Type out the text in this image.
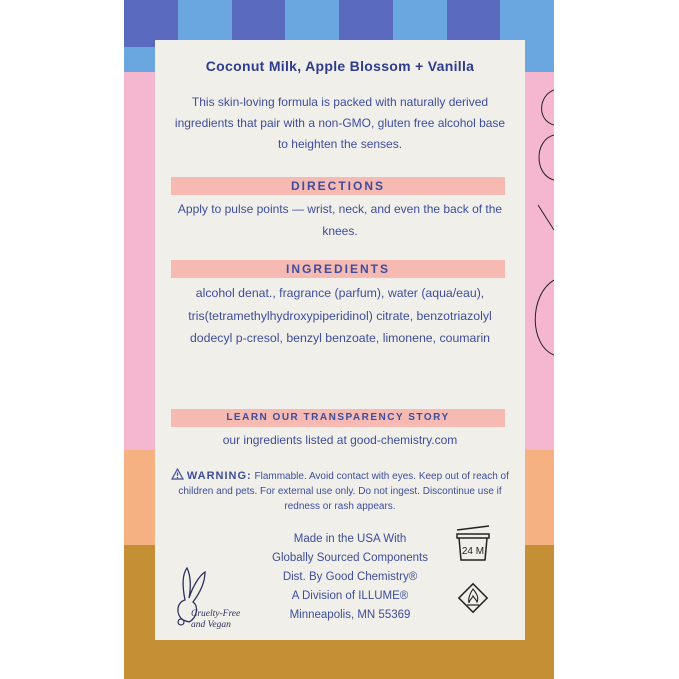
Coconut Milk, Apple Blossom + Vanilla
This skin-loving formula is packed with naturally derived ingredients that pair with a non-GMO, gluten free alcohol base to heighten the senses.
DIRECTIONS
Apply to pulse points — wrist, neck, and even the back of the knees.
INGREDIENTS
alcohol denat., fragrance (parfum), water (aqua/eau), tris(tetramethylhydroxypiperidinol) citrate, benzotriazolyl dodecyl p-cresol, benzyl benzoate, limonene, coumarin
LEARN OUR TRANSPARENCY STORY
our ingredients listed at good-chemistry.com
WARNING: Flammable. Avoid contact with eyes. Keep out of reach of children and pets. For external use only. Do not ingest. Discontinue use if redness or rash appears.
Made in the USA With
Globally Sourced Components
Dist. By Good Chemistry®
A Division of ILLUME®
Minneapolis, MN 55369
Cruelty-Free
and Vegan
24 M
